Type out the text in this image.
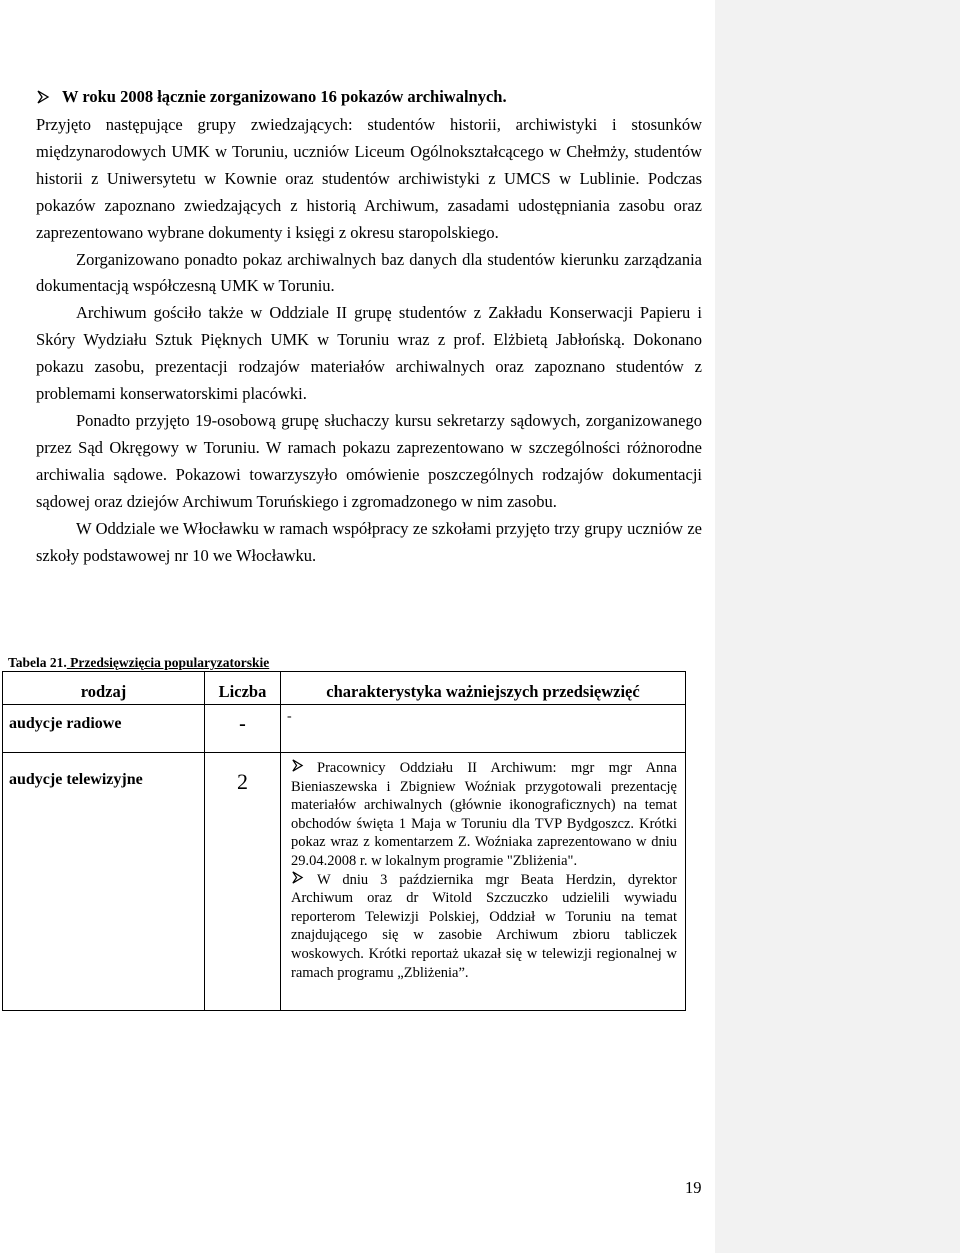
W roku 2008 łącznie zorganizowano 16 pokazów archiwalnych.

Przyjęto następujące grupy zwiedzających: studentów historii, archiwistyki i stosunków międzynarodowych UMK w Toruniu, uczniów Liceum Ogólnokształcącego w Chełmży, studentów historii z Uniwersytetu w Kownie oraz studentów archiwistyki z UMCS w Lublinie. Podczas pokazów zapoznano zwiedzających z historią Archiwum, zasadami udostępniania zasobu oraz zaprezentowano wybrane dokumenty i księgi z okresu staropolskiego.

Zorganizowano ponadto pokaz archiwalnych baz danych dla studentów kierunku zarządzania dokumentacją współczesną UMK w Toruniu.

Archiwum gościło także w Oddziale II grupę studentów z Zakładu Konserwacji Papieru i Skóry Wydziału Sztuk Pięknych UMK w Toruniu wraz z prof. Elżbietą Jabłońską. Dokonano pokazu zasobu, prezentacji rodzajów materiałów archiwalnych oraz zapoznano studentów z problemami konserwatorskimi placówki.

Ponadto przyjęto 19-osobową grupę słuchaczy kursu sekretarzy sądowych, zorganizowanego przez Sąd Okręgowy w Toruniu. W ramach pokazu zaprezentowano w szczególności różnorodne archiwalia sądowe. Pokazowi towarzyszyło omówienie poszczególnych rodzajów dokumentacji sądowej oraz dziejów Archiwum Toruńskiego i zgromadzonego w nim zasobu.

W Oddziale we Włocławku w ramach współpracy ze szkołami przyjęto trzy grupy uczniów ze szkoły podstawowej nr 10 we Włocławku.

Tabela 21. Przedsięwzięcia popularyzatorskie
rodzaj	Liczba	charakterystyka ważniejszych przedsięwzięć

audycje radiowe	-	-

audycje telewizyjne	2	Pracownicy Oddziału II Archiwum: mgr mgr Anna Bieniaszewska i Zbigniew Woźniak przygotowali prezentację materiałów archiwalnych (głównie ikonograficznych) na temat obchodów święta 1 Maja w Toruniu dla TVP Bydgoszcz. Krótki pokaz wraz z komentarzem Z. Woźniaka zaprezentowano w dniu 29.04.2008 r. w lokalnym programie "Zbliżenia".
W dniu 3 października mgr Beata Herdzin, dyrektor Archiwum oraz dr Witold Szczuczko udzielili wywiadu reporterom Telewizji Polskiej, Oddział w Toruniu na temat znajdującego się w zasobie Archiwum zbioru tabliczek woskowych. Krótki reportaż ukazał się w telewizji regionalnej w ramach programu „Zbliżenia”.
19
